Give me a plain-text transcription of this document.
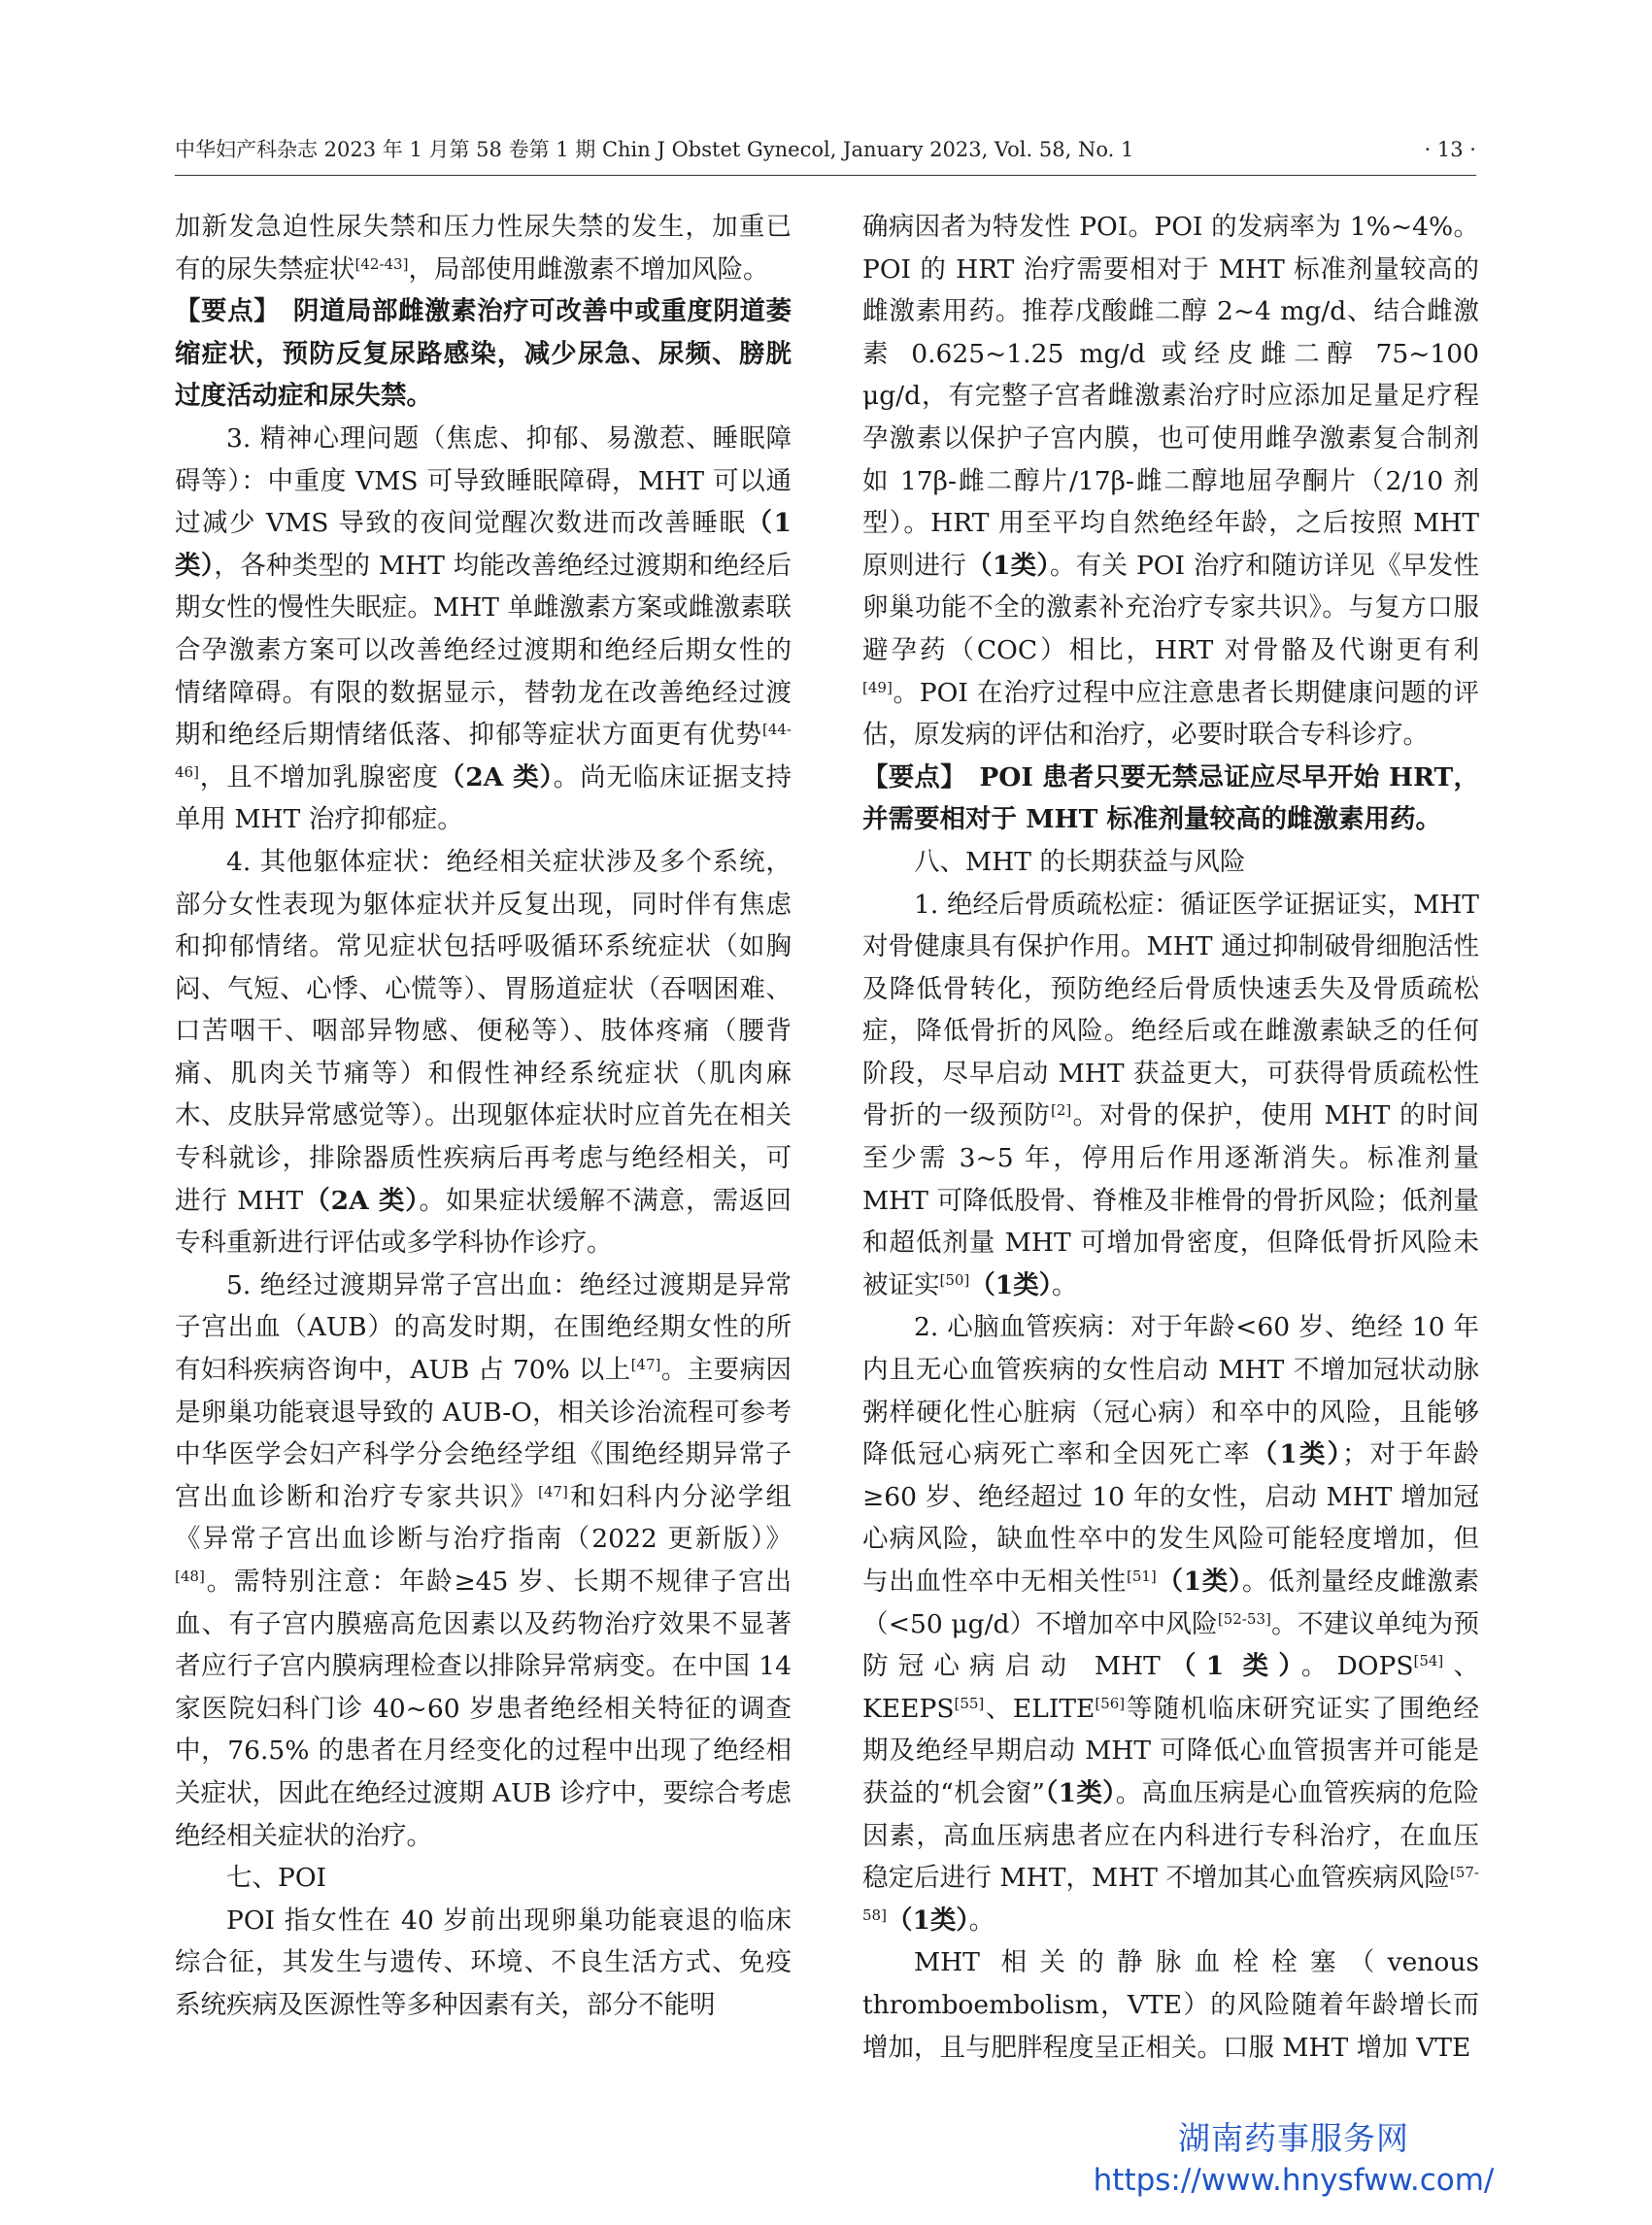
中华妇产科杂志 2023 年 1 月第 58 卷第 1 期 Chin J Obstet Gynecol, January 2023, Vol. 58, No. 1	· 13 ·

加新发急迫性尿失禁和压力性尿失禁的发生，加重已有的尿失禁症状[42-43]，局部使用雌激素不增加风险。

【要点】　阴道局部雌激素治疗可改善中或重度阴道萎缩症状，预防反复尿路感染，减少尿急、尿频、膀胱过度活动症和尿失禁。

3. 精神心理问题（焦虑、抑郁、易激惹、睡眠障碍等）：中重度 VMS 可导致睡眠障碍，MHT 可以通过减少 VMS 导致的夜间觉醒次数进而改善睡眠（1类），各种类型的 MHT 均能改善绝经过渡期和绝经后期女性的慢性失眠症。MHT 单雌激素方案或雌激素联合孕激素方案可以改善绝经过渡期和绝经后期女性的情绪障碍。有限的数据显示，替勃龙在改善绝经过渡期和绝经后期情绪低落、抑郁等症状方面更有优势[44-46]，且不增加乳腺密度（2A 类）。尚无临床证据支持单用 MHT 治疗抑郁症。

4. 其他躯体症状：绝经相关症状涉及多个系统，部分女性表现为躯体症状并反复出现，同时伴有焦虑和抑郁情绪。常见症状包括呼吸循环系统症状（如胸闷、气短、心悸、心慌等）、胃肠道症状（吞咽困难、口苦咽干、咽部异物感、便秘等）、肢体疼痛（腰背痛、肌肉关节痛等）和假性神经系统症状（肌肉麻木、皮肤异常感觉等）。出现躯体症状时应首先在相关专科就诊，排除器质性疾病后再考虑与绝经相关，可进行 MHT（2A 类）。如果症状缓解不满意，需返回专科重新进行评估或多学科协作诊疗。

5. 绝经过渡期异常子宫出血：绝经过渡期是异常子宫出血（AUB）的高发时期，在围绝经期女性的所有妇科疾病咨询中，AUB 占 70% 以上[47]。主要病因是卵巢功能衰退导致的 AUB-O，相关诊治流程可参考中华医学会妇产科学分会绝经学组《围绝经期异常子宫出血诊断和治疗专家共识》[47]和妇科内分泌学组《异常子宫出血诊断与治疗指南（2022 更新版）》[48]。需特别注意：年龄≥45 岁、长期不规律子宫出血、有子宫内膜癌高危因素以及药物治疗效果不显著者应行子宫内膜病理检查以排除异常病变。在中国 14 家医院妇科门诊 40~60 岁患者绝经相关特征的调查中，76.5% 的患者在月经变化的过程中出现了绝经相关症状，因此在绝经过渡期 AUB 诊疗中，要综合考虑绝经相关症状的治疗。

七、POI

POI 指女性在 40 岁前出现卵巢功能衰退的临床综合征，其发生与遗传、环境、不良生活方式、免疫系统疾病及医源性等多种因素有关，部分不能明

确病因者为特发性 POI。POI 的发病率为 1%~4%。POI 的 HRT 治疗需要相对于 MHT 标准剂量较高的雌激素用药。推荐戊酸雌二醇 2~4 mg/d、结合雌激素 0.625~1.25 mg/d 或经皮雌二醇 75~100 μg/d，有完整子宫者雌激素治疗时应添加足量足疗程孕激素以保护子宫内膜，也可使用雌孕激素复合制剂如 17β-雌二醇片/17β-雌二醇地屈孕酮片（2/10 剂型）。HRT 用至平均自然绝经年龄，之后按照 MHT 原则进行（1类）。有关 POI 治疗和随访详见《早发性卵巢功能不全的激素补充治疗专家共识》。与复方口服避孕药（COC）相比，HRT 对骨骼及代谢更有利[49]。POI 在治疗过程中应注意患者长期健康问题的评估，原发病的评估和治疗，必要时联合专科诊疗。

【要点】　POI 患者只要无禁忌证应尽早开始 HRT，并需要相对于 MHT 标准剂量较高的雌激素用药。

八、MHT 的长期获益与风险

1. 绝经后骨质疏松症：循证医学证据证实，MHT 对骨健康具有保护作用。MHT 通过抑制破骨细胞活性及降低骨转化，预防绝经后骨质快速丢失及骨质疏松症，降低骨折的风险。绝经后或在雌激素缺乏的任何阶段，尽早启动 MHT 获益更大，可获得骨质疏松性骨折的一级预防[2]。对骨的保护，使用 MHT 的时间至少需 3~5 年，停用后作用逐渐消失。标准剂量 MHT 可降低股骨、脊椎及非椎骨的骨折风险；低剂量和超低剂量 MHT 可增加骨密度，但降低骨折风险未被证实[50]（1类）。

2. 心脑血管疾病：对于年龄<60 岁、绝经 10 年内且无心血管疾病的女性启动 MHT 不增加冠状动脉粥样硬化性心脏病（冠心病）和卒中的风险，且能够降低冠心病死亡率和全因死亡率（1类）；对于年龄≥60 岁、绝经超过 10 年的女性，启动 MHT 增加冠心病风险，缺血性卒中的发生风险可能轻度增加，但与出血性卒中无相关性[51]（1类）。低剂量经皮雌激素（<50 μg/d）不增加卒中风险[52-53]。不建议单纯为预防冠心病启动 MHT（1 类）。DOPS[54]、KEEPS[55]、ELITE[56]等随机临床研究证实了围绝经期及绝经早期启动 MHT 可降低心血管损害并可能是获益的“机会窗”（1类）。高血压病是心血管疾病的危险因素，高血压病患者应在内科进行专科治疗，在血压稳定后进行 MHT，MHT 不增加其心血管疾病风险[57-58]（1类）。

MHT 相关的静脉血栓栓塞（venous thromboembolism，VTE）的风险随着年龄增长而增加，且与肥胖程度呈正相关。口服 MHT 增加 VTE

湖南药事服务网
https://www.hnysfww.com/
